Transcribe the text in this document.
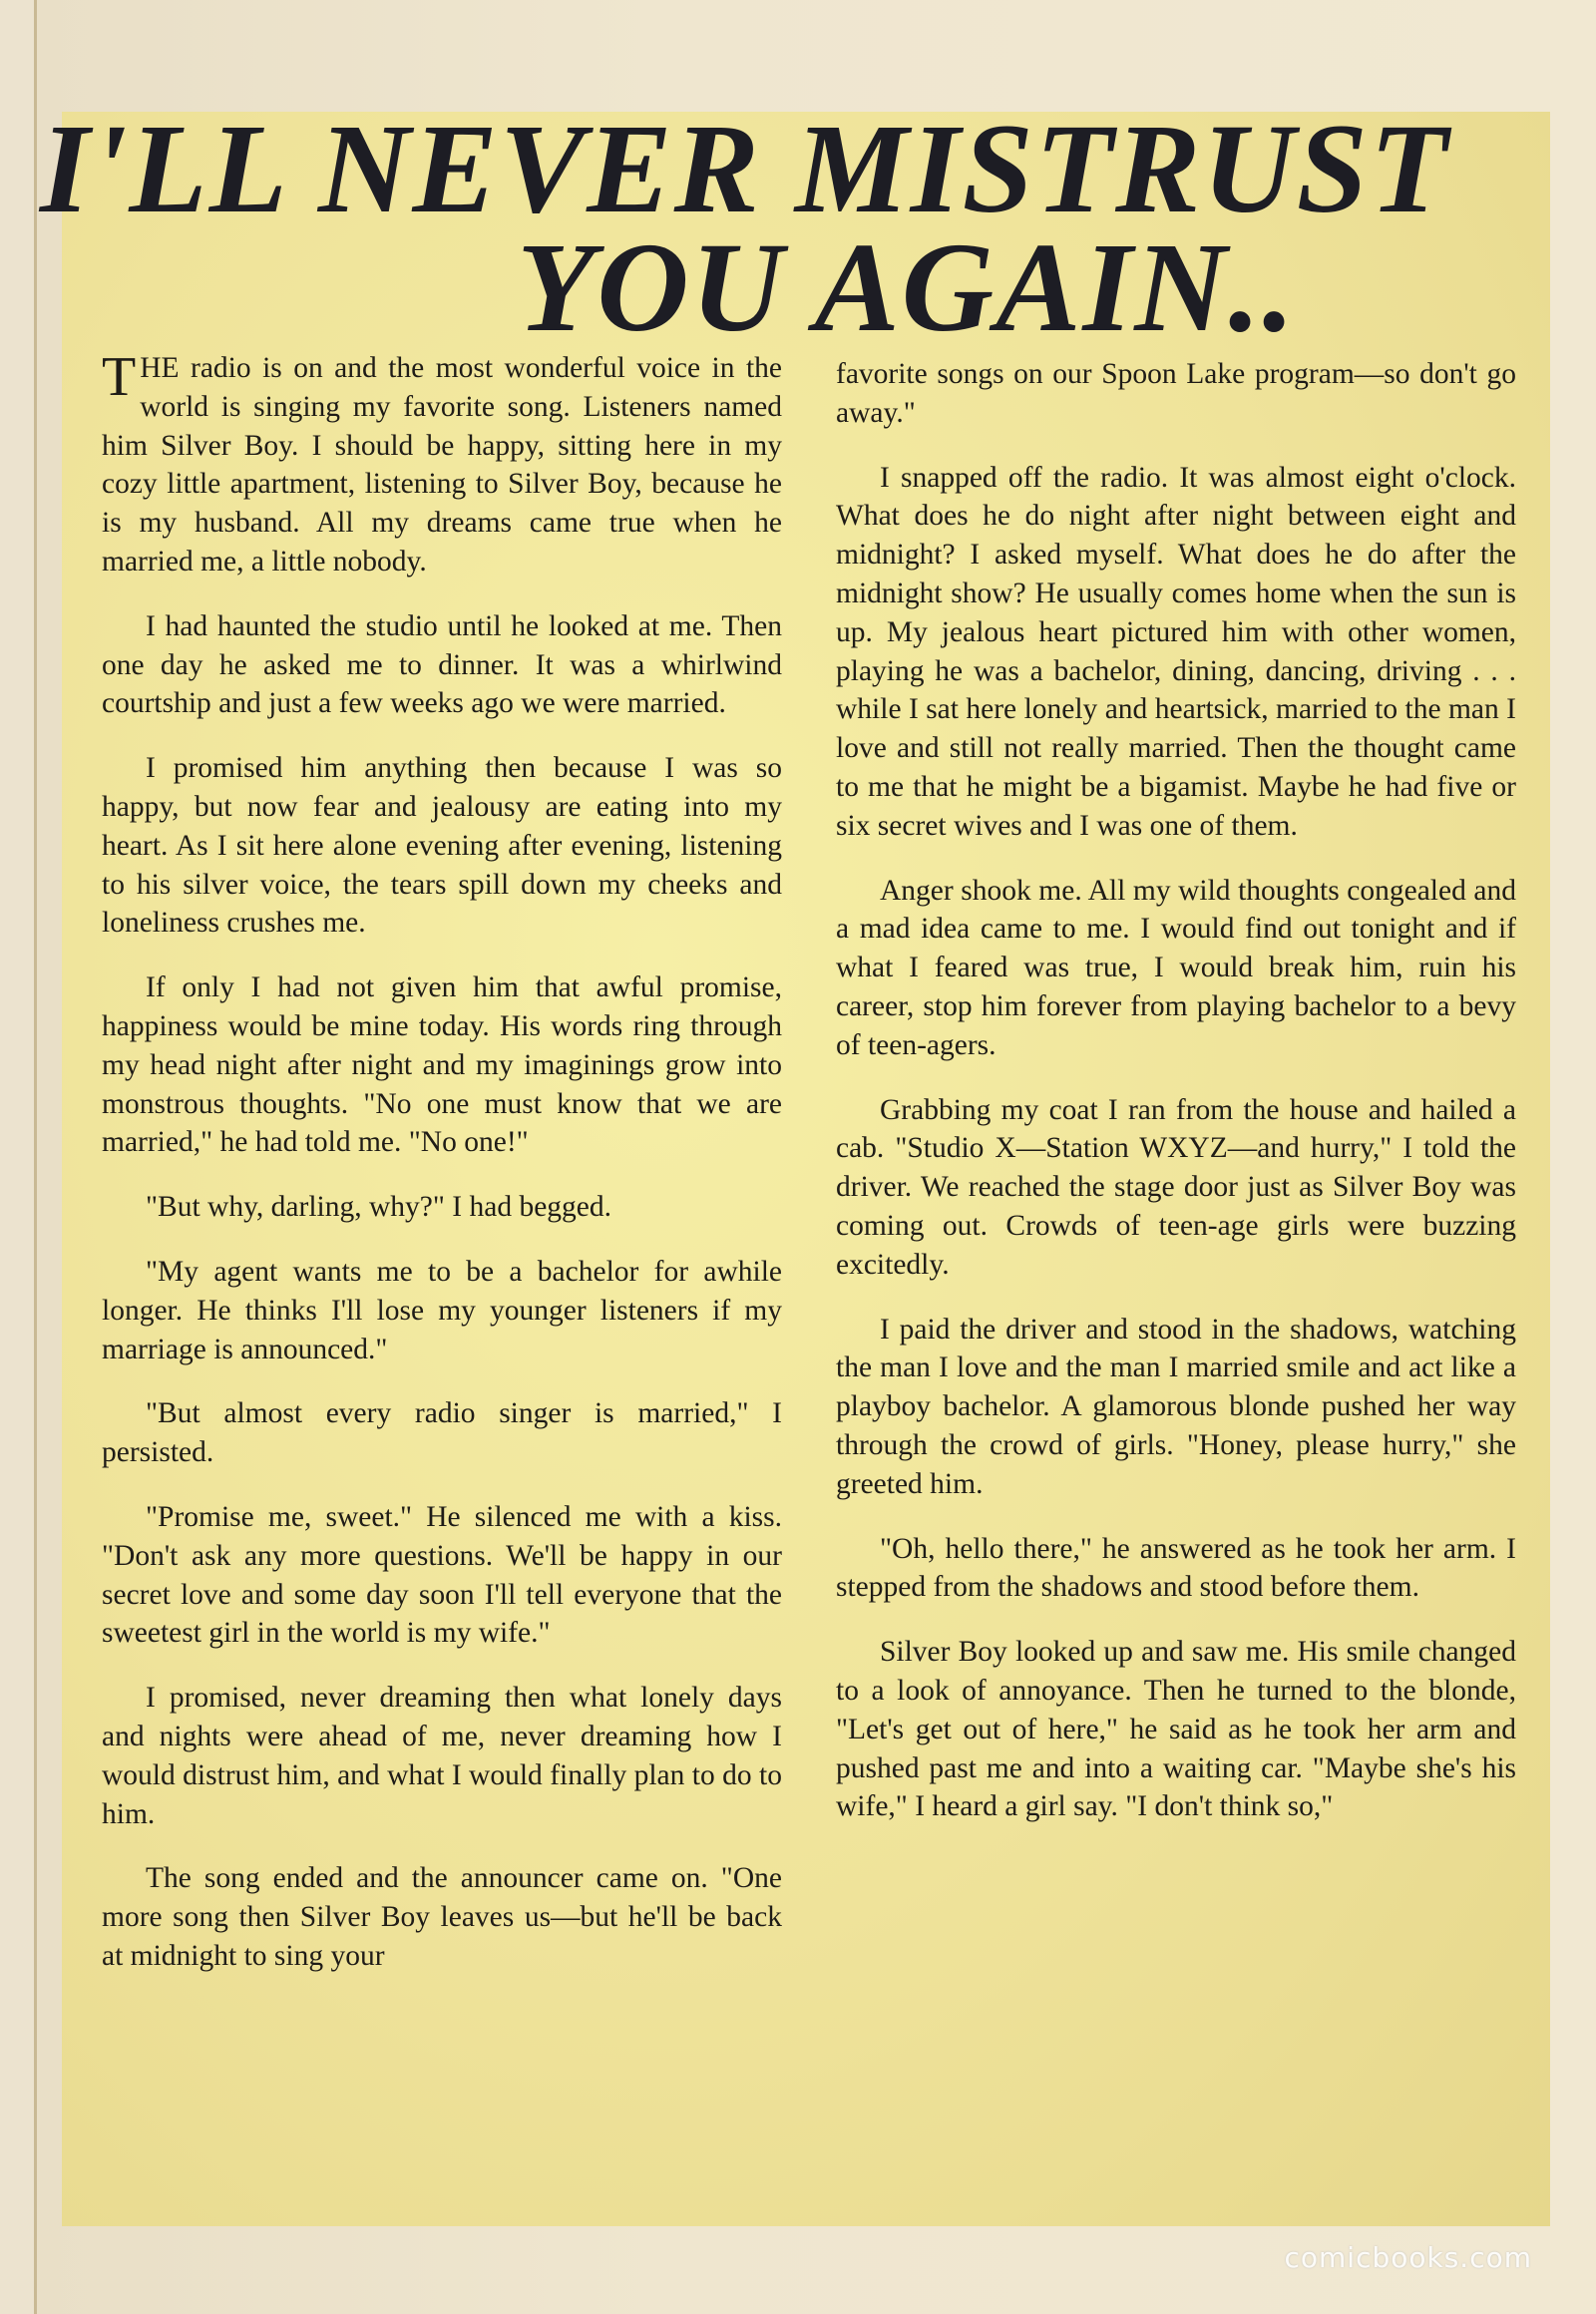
I'LL NEVER MISTRUST
YOU AGAIN..

THE radio is on and the most wonderful voice in the world is singing my favorite song. Listeners named him Silver Boy. I should be happy, sitting here in my cozy little apartment, listening to Silver Boy, because he is my husband. All my dreams came true when he married me, a little nobody.

I had haunted the studio until he looked at me. Then one day he asked me to dinner. It was a whirlwind courtship and just a few weeks ago we were married.

I promised him anything then because I was so happy, but now fear and jealousy are eating into my heart. As I sit here alone evening after evening, listening to his silver voice, the tears spill down my cheeks and loneliness crushes me.

If only I had not given him that awful promise, happiness would be mine today. His words ring through my head night after night and my imaginings grow into monstrous thoughts. "No one must know that we are married," he had told me. "No one!"

"But why, darling, why?" I had begged.

"My agent wants me to be a bachelor for awhile longer. He thinks I'll lose my younger listeners if my marriage is announced."

"But almost every radio singer is married," I persisted.

"Promise me, sweet." He silenced me with a kiss. "Don't ask any more questions. We'll be happy in our secret love and some day soon I'll tell everyone that the sweetest girl in the world is my wife."

I promised, never dreaming then what lonely days and nights were ahead of me, never dreaming how I would distrust him, and what I would finally plan to do to him.

The song ended and the announcer came on. "One more song then Silver Boy leaves us—but he'll be back at midnight to sing your

favorite songs on our Spoon Lake program—so don't go away."

I snapped off the radio. It was almost eight o'clock. What does he do night after night between eight and midnight? I asked myself. What does he do after the midnight show? He usually comes home when the sun is up. My jealous heart pictured him with other women, playing he was a bachelor, dining, dancing, driving . . . while I sat here lonely and heartsick, married to the man I love and still not really married. Then the thought came to me that he might be a bigamist. Maybe he had five or six secret wives and I was one of them.

Anger shook me. All my wild thoughts congealed and a mad idea came to me. I would find out tonight and if what I feared was true, I would break him, ruin his career, stop him forever from playing bachelor to a bevy of teen-agers.

Grabbing my coat I ran from the house and hailed a cab. "Studio X—Station WXYZ—and hurry," I told the driver. We reached the stage door just as Silver Boy was coming out. Crowds of teen-age girls were buzzing excitedly.

I paid the driver and stood in the shadows, watching the man I love and the man I married smile and act like a playboy bachelor. A glamorous blonde pushed her way through the crowd of girls. "Honey, please hurry," she greeted him.

"Oh, hello there," he answered as he took her arm. I stepped from the shadows and stood before them.

Silver Boy looked up and saw me. His smile changed to a look of annoyance. Then he turned to the blonde, "Let's get out of here," he said as he took her arm and pushed past me and into a waiting car. "Maybe she's his wife," I heard a girl say. "I don't think so,"

comicbooks.com
